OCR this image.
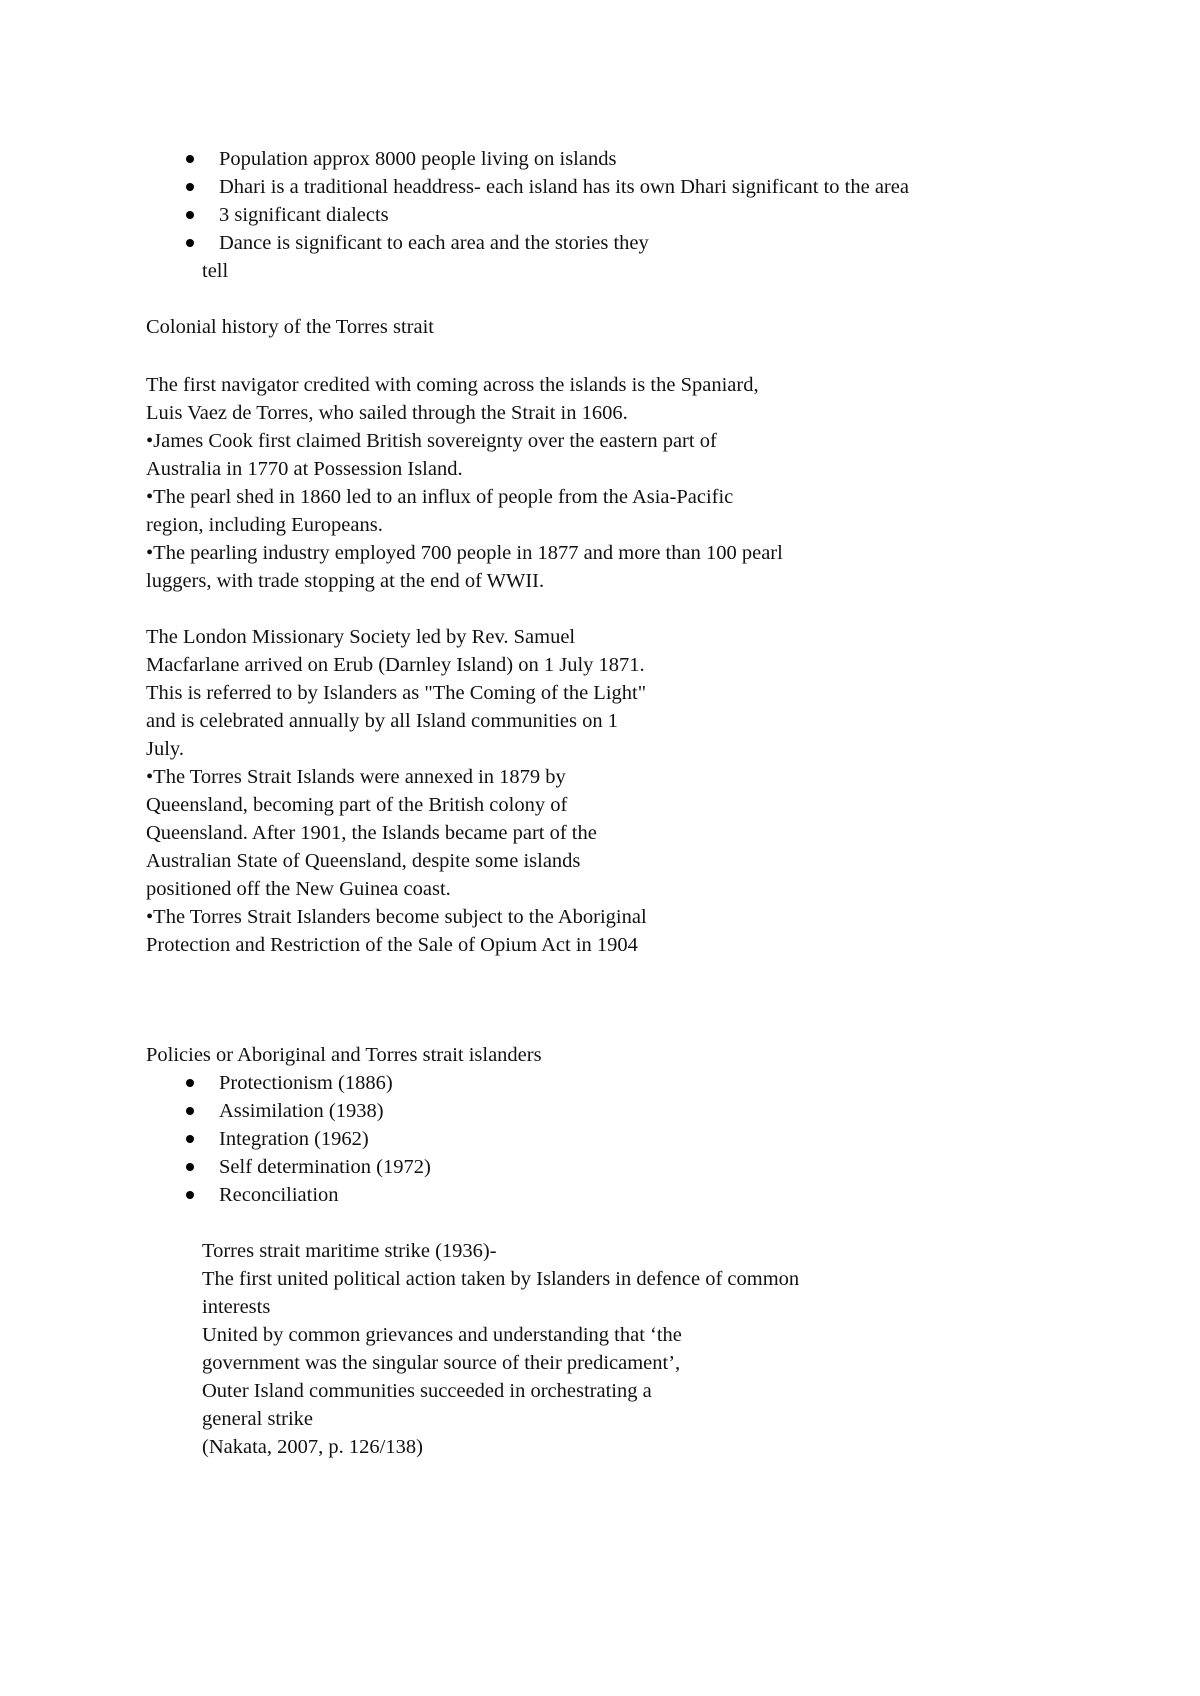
Population approx 8000 people living on islands
Dhari is a traditional headdress- each island has its own Dhari significant to the area
3 significant dialects
Dance is significant to each area and the stories they
tell
Colonial history of the Torres strait
The first navigator credited with coming across the islands is the Spaniard,
Luis Vaez de Torres, who sailed through the Strait in 1606.
•James Cook first claimed British sovereignty over the eastern part of
Australia in 1770 at Possession Island.
•The pearl shed in 1860 led to an influx of people from the Asia-Pacific
region, including Europeans.
•The pearling industry employed 700 people in 1877 and more than 100 pearl
luggers, with trade stopping at the end of WWII.
The London Missionary Society led by Rev. Samuel
Macfarlane arrived on Erub (Darnley Island) on 1 July 1871.
This is referred to by Islanders as "The Coming of the Light"
and is celebrated annually by all Island communities on 1
July.
•The Torres Strait Islands were annexed in 1879 by
Queensland, becoming part of the British colony of
Queensland. After 1901, the Islands became part of the
Australian State of Queensland, despite some islands
positioned off the New Guinea coast.
•The Torres Strait Islanders become subject to the Aboriginal
Protection and Restriction of the Sale of Opium Act in 1904
Policies or Aboriginal and Torres strait islanders
Protectionism (1886)
Assimilation (1938)
Integration (1962)
Self determination (1972)
Reconciliation
Torres strait maritime strike (1936)-
The first united political action taken by Islanders in defence of common
interests
United by common grievances and understanding that ‘the
government was the singular source of their predicament’,
Outer Island communities succeeded in orchestrating a
general strike
(Nakata, 2007, p. 126/138)
